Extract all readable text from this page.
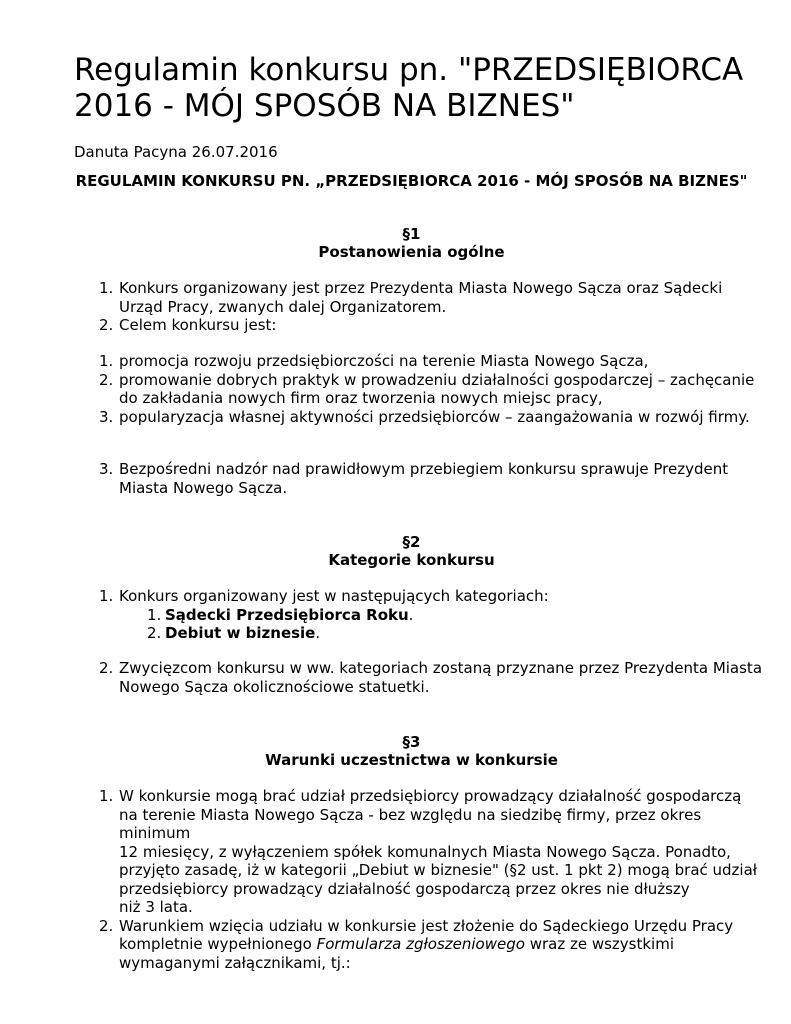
Regulamin konkursu pn. "PRZEDSIĘBIORCA 2016 - MÓJ SPOSÓB NA BIZNES"
Danuta Pacyna 26.07.2016
REGULAMIN KONKURSU PN. „PRZEDSIĘBIORCA 2016 - MÓJ SPOSÓB NA BIZNES"
§1
Postanowienia ogólne
1. Konkurs organizowany jest przez Prezydenta Miasta Nowego Sącza oraz Sądecki Urząd Pracy, zwanych dalej Organizatorem.
2. Celem konkursu jest:
1. promocja rozwoju przedsiębiorczości na terenie Miasta Nowego Sącza,
2. promowanie dobrych praktyk w prowadzeniu działalności gospodarczej – zachęcanie do zakładania nowych firm oraz tworzenia nowych miejsc pracy,
3. popularyzacja własnej aktywności przedsiębiorców – zaangażowania w rozwój firmy.
3. Bezpośredni nadzór nad prawidłowym przebiegiem konkursu sprawuje Prezydent Miasta Nowego Sącza.
§2
Kategorie konkursu
1. Konkurs organizowany jest w następujących kategoriach:
1. Sądecki Przedsiębiorca Roku.
2. Debiut w biznesie.
2. Zwycięzcom konkursu w ww. kategoriach zostaną przyznane przez Prezydenta Miasta Nowego Sącza okolicznościowe statuetki.
§3
Warunki uczestnictwa w konkursie
1. W konkursie mogą brać udział przedsiębiorcy prowadzący działalność gospodarczą na terenie Miasta Nowego Sącza - bez względu na siedzibę firmy, przez okres minimum
12 miesięcy, z wyłączeniem spółek komunalnych Miasta Nowego Sącza. Ponadto, przyjęto zasadę, iż w kategorii „Debiut w biznesie" (§2 ust. 1 pkt 2) mogą brać udział przedsiębiorcy prowadzący działalność gospodarczą przez okres nie dłuższy
niż 3 lata.
2. Warunkiem wzięcia udziału w konkursie jest złożenie do Sądeckiego Urzędu Pracy kompletnie wypełnionego Formularza zgłoszeniowego wraz ze wszystkimi wymaganymi załącznikami, tj.:
